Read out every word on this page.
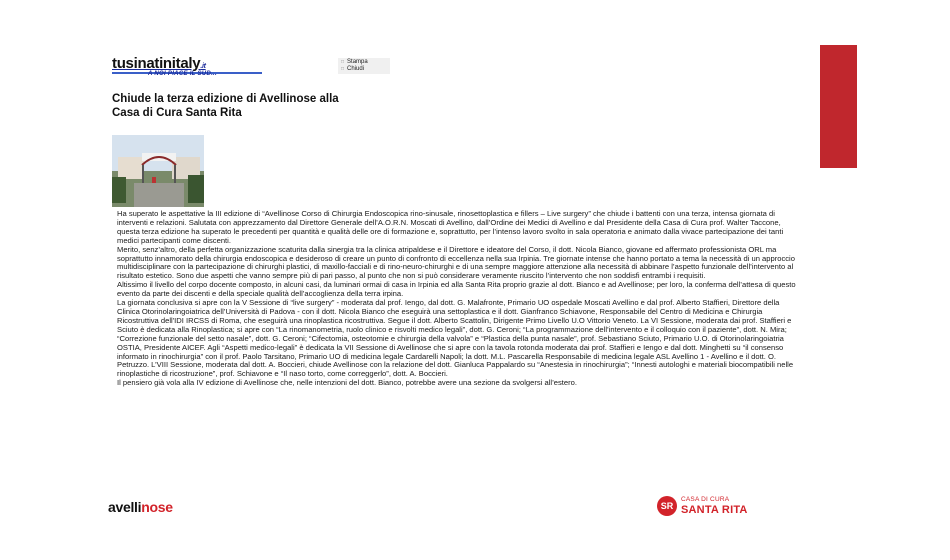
tusinatinitaly.it
A NOI PIACE IL SUD...
□ Stampa
□ Chiudi
Chiude la terza edizione di Avellinose alla
Casa di Cura Santa Rita

Ha superato le aspettative la III edizione di “Avellinose Corso di Chirurgia Endoscopica rino-sinusale, rinosettoplastica e fillers – Live surgery” che chiude i battenti con una terza, intensa giornata di interventi e relazioni. Salutata con apprezzamento dal Direttore Generale dell’A.O.R.N. Moscati di Avellino, dall’Ordine dei Medici di Avellino e dal Presidente della Casa di Cura prof. Walter Taccone, questa terza edizione ha superato le precedenti per quantità e qualità delle ore di formazione e, soprattutto, per l’intenso lavoro svolto in sala operatoria e animato dalla vivace partecipazione dei tanti medici partecipanti come discenti.

Merito, senz’altro, della perfetta organizzazione scaturita dalla sinergia tra la clinica atripaldese e il Direttore e ideatore del Corso, il dott. Nicola Bianco, giovane ed affermato professionista ORL ma soprattutto innamorato della chirurgia endoscopica e desideroso di creare un punto di confronto di eccellenza nella sua Irpinia. Tre giornate intense che hanno portato a tema la necessità di un approccio multidisciplinare con la partecipazione di chirurghi plastici, di maxillo-facciali e di rino-neuro-chirurghi e di una sempre maggiore attenzione alla necessità di abbinare l’aspetto funzionale dell’intervento al risultato estetico. Sono due aspetti che vanno sempre più di pari passo, al punto che non si può considerare veramente riuscito l’intervento che non soddisfi entrambi i requisiti.

Altissimo il livello del corpo docente composto, in alcuni casi, da luminari ormai di casa in Irpinia ed alla Santa Rita proprio grazie al dott. Bianco e ad Avellinose; per loro, la conferma dell’attesa di questo evento da parte dei discenti e della speciale qualità dell’accoglienza della terra irpina.

La giornata conclusiva si apre con la V Sessione di “live surgery” - moderata dal prof. Iengo, dal dott. G. Malafronte, Primario UO ospedale Moscati Avellino e dal prof. Alberto Staffieri, Direttore della Clinica Otorinolaringoiatrica dell’Università di Padova - con il dott. Nicola Bianco che eseguirà una settoplastica e il dott. Gianfranco Schiavone, Responsabile del Centro di Medicina e Chirurgia Ricostruttiva dell'IDI IRCSS di Roma, che eseguirà una rinoplastica ricostruttiva. Segue il dott. Alberto Scattolin, Dirigente Primo Livello U.O Vittorio Veneto. La VI Sessione, moderata dai prof. Staffieri e Sciuto è dedicata alla Rinoplastica; si apre con “La rinomanometria, ruolo clinico e risvolti medico legali”, dott. G. Ceroni; “La programmazione dell’intervento e il colloquio con il paziente”, dott. N. Mira; “Correzione funzionale del setto nasale”, dott. G. Ceroni; “Cifectomia, osteotomie e chirurgia della valvola” e “Plastica della punta nasale”, prof. Sebastiano Sciuto, Primario U.O. di Otorinolaringoiatria OSTIA, Presidente AICEF. Agli “Aspetti medico-legali” è dedicata la VII Sessione di Avellinose che si apre con la tavola rotonda moderata dai prof. Staffieri e Iengo e dal dott. Minghetti su “il consenso informato in rinochirurgia” con il prof. Paolo Tarsitano, Primario UO di medicina legale Cardarelli Napoli; la dott. M.L. Pascarella Responsabile di medicina legale ASL Avellino 1 - Avellino e il dott. O. Petruzzo. L’VIII Sessione, moderata dal dott. A. Boccieri, chiude Avellinose con la relazione del dott. Gianluca Pappalardo su “Anestesia in rinochirurgia”; “Innesti autologhi e materiali biocompatibili nelle rinoplastiche di ricostruzione”, prof. Schiavone e “Il naso torto, come correggerlo”, dott. A. Boccieri.

Il pensiero già vola alla IV edizione di Avellinose che, nelle intenzioni del dott. Bianco, potrebbe avere una sezione da svolgersi all’estero.

avellinose	SR
CASA DI CURA
SANTA RITA
